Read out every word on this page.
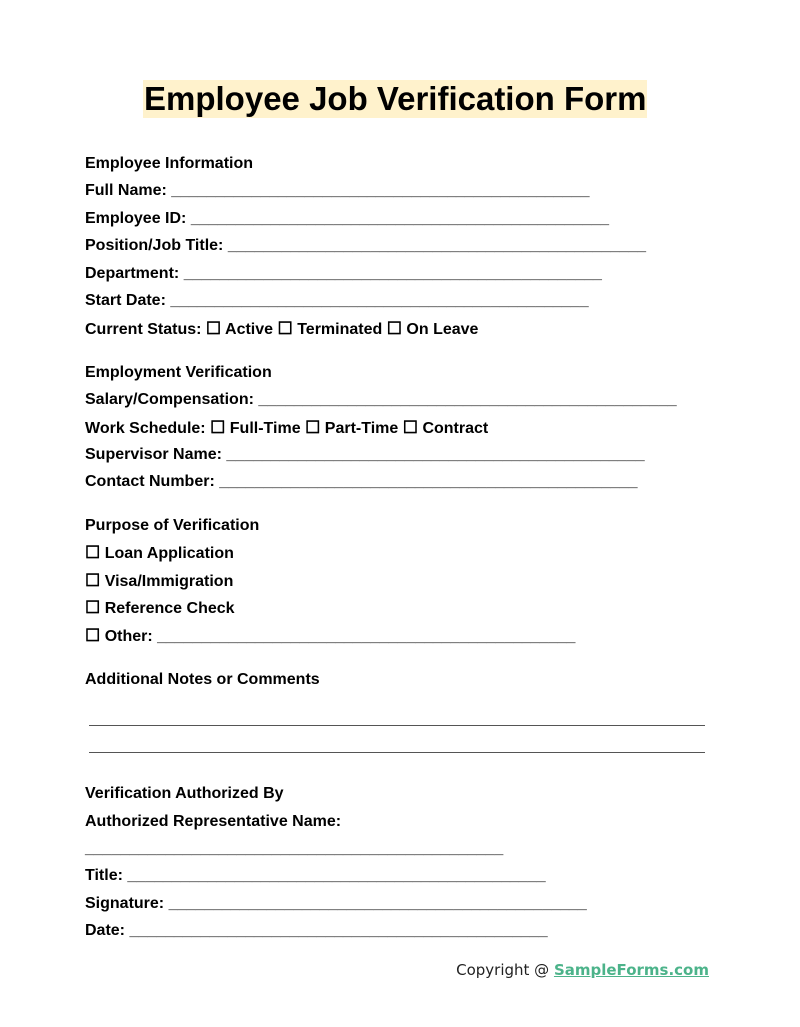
Employee Job Verification Form
Employee Information
Full Name: _______________________________________________
Employee ID: _______________________________________________
Position/Job Title: _______________________________________________
Department: _______________________________________________
Start Date: _______________________________________________
Current Status: ☐ Active ☐ Terminated ☐ On Leave
Employment Verification
Salary/Compensation: _______________________________________________
Work Schedule: ☐ Full-Time ☐ Part-Time ☐ Contract
Supervisor Name: _______________________________________________
Contact Number: _______________________________________________
Purpose of Verification
☐ Loan Application
☐ Visa/Immigration
☐ Reference Check
☐ Other: _______________________________________________
Additional Notes or Comments
Verification Authorized By
Authorized Representative Name:
_______________________________________________
Title: _______________________________________________
Signature: _______________________________________________
Date: _______________________________________________
Copyright @ SampleForms.com
